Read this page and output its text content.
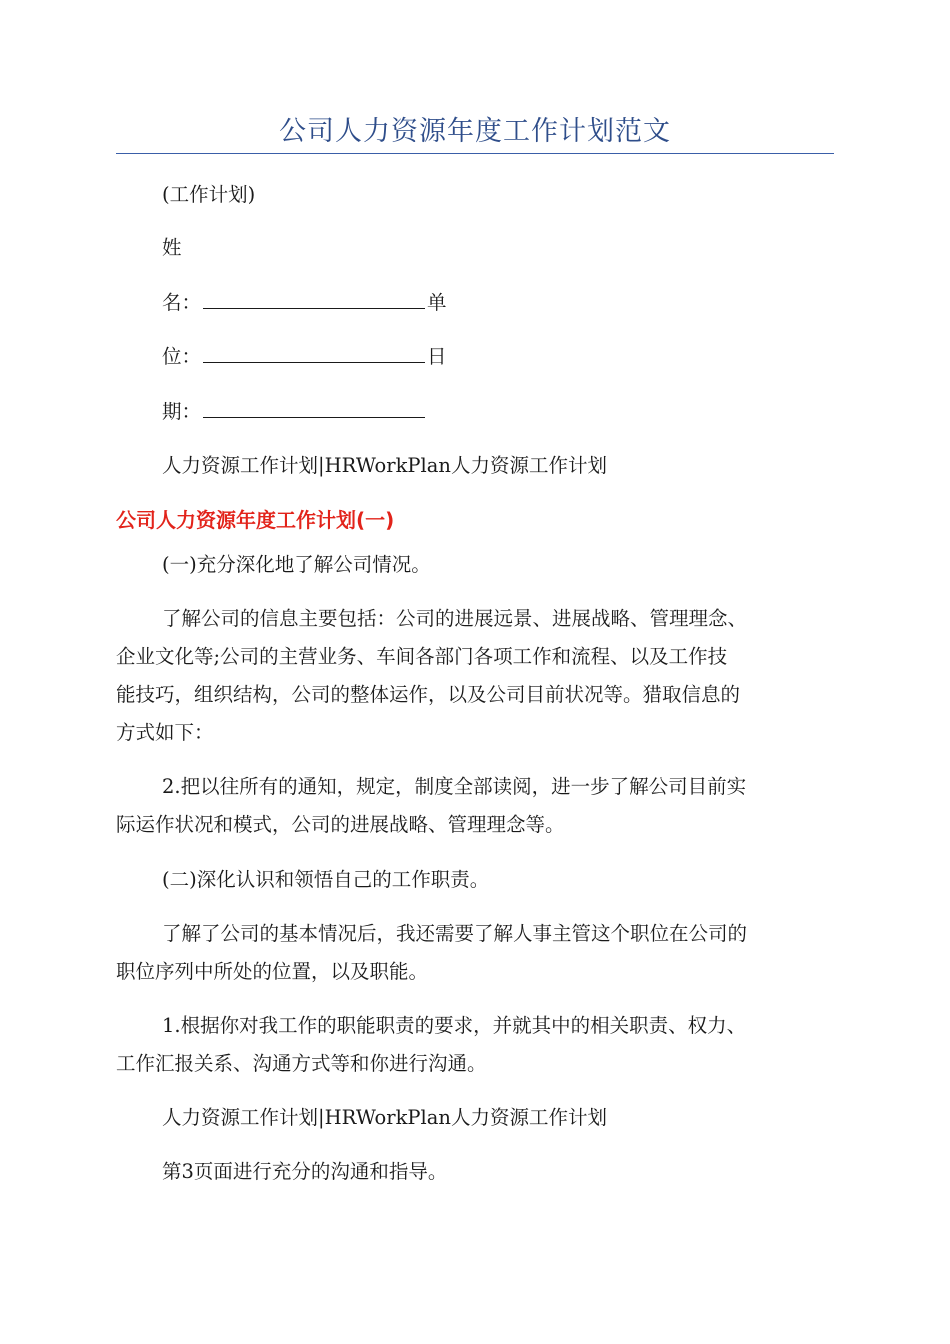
公司人力资源年度工作计划范文
(工作计划)
姓
名：	单
位：	日
期：
人力资源工作计划|HRWorkPlan人力资源工作计划
公司人力资源年度工作计划(一)
(一)充分深化地了解公司情况。
了解公司的信息主要包括：公司的进展远景、进展战略、管理理念、
企业文化等;公司的主营业务、车间各部门各项工作和流程、以及工作技
能技巧，组织结构，公司的整体运作，以及公司目前状况等。猎取信息的
方式如下：
2.把以往所有的通知，规定，制度全部读阅，进一步了解公司目前实
际运作状况和模式，公司的进展战略、管理理念等。
(二)深化认识和领悟自己的工作职责。
了解了公司的基本情况后，我还需要了解人事主管这个职位在公司的
职位序列中所处的位置，以及职能。
1.根据你对我工作的职能职责的要求，并就其中的相关职责、权力、
工作汇报关系、沟通方式等和你进行沟通。
人力资源工作计划|HRWorkPlan人力资源工作计划
第3页面进行充分的沟通和指导。
